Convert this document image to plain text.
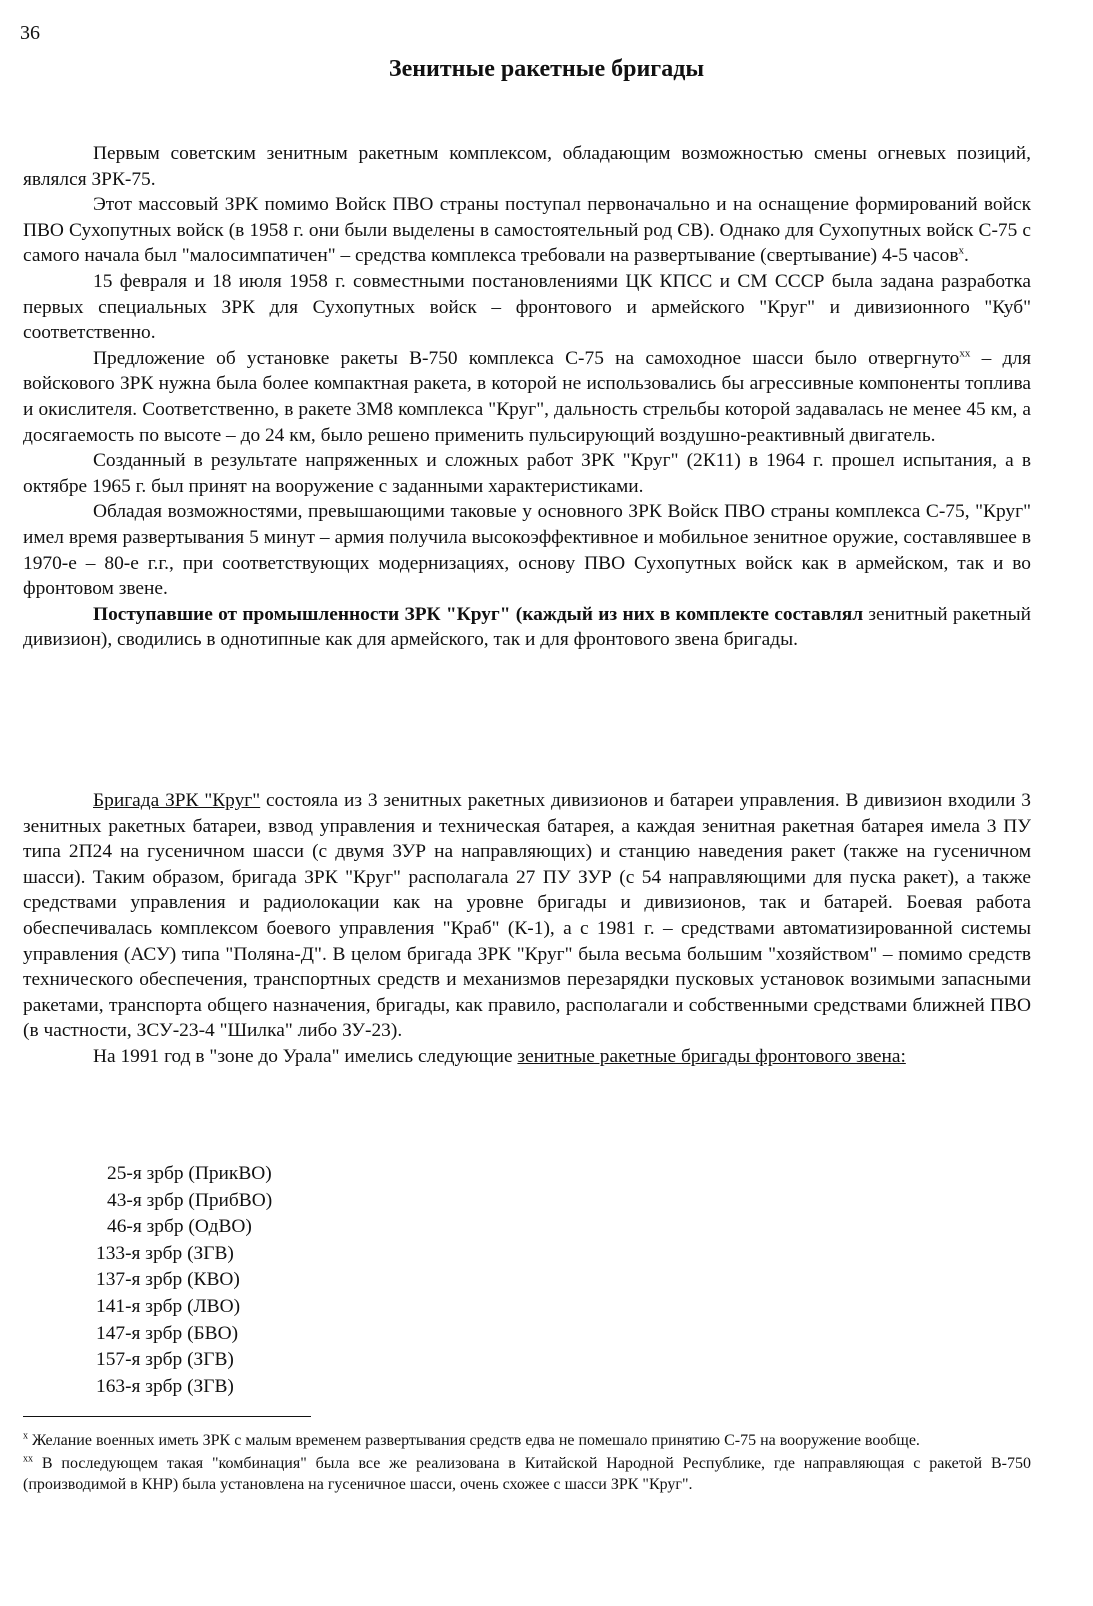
36
Зенитные ракетные бригады

Первым советским зенитным ракетным комплексом, обладающим возможностью смены огневых позиций, являлся ЗРК-75.

Этот массовый ЗРК помимо Войск ПВО страны поступал первоначально и на оснащение формирований войск ПВО Сухопутных войск (в 1958 г. они были выделены в самостоятельный род СВ). Однако для Сухопутных войск С-75 с самого начала был "малосимпатичен" – средства комплекса требовали на развертывание (свертывание) 4-5 часов$^x$.

15 февраля и 18 июля 1958 г. совместными постановлениями ЦК КПСС и СМ СССР была задана разработка первых специальных ЗРК для Сухопутных войск – фронтового и армейского "Круг" и дивизионного "Куб" соответственно.

Предложение об установке ракеты В-750 комплекса С-75 на самоходное шасси было отвергнуто$^{xx}$ – для войскового ЗРК нужна была более компактная ракета, в которой не использовались бы агрессивные компоненты топлива и окислителя. Соответственно, в ракете 3М8 комплекса "Круг", дальность стрельбы которой задавалась не менее 45 км, а досягаемость по высоте – до 24 км, было решено применить пульсирующий воздушно-реактивный двигатель.

Созданный в результате напряженных и сложных работ ЗРК "Круг" (2К11) в 1964 г. прошел испытания, а в октябре 1965 г. был принят на вооружение с заданными характеристиками.

Обладая возможностями, превышающими таковые у основного ЗРК Войск ПВО страны комплекса С-75, "Круг" имел время развертывания 5 минут – армия получила высокоэффективное и мобильное зенитное оружие, составлявшее в 1970-е – 80-е г.г., при соответствующих модернизациях, основу ПВО Сухопутных войск как в армейском, так и во фронтовом звене.

Поступавшие от промышленности ЗРК "Круг" (каждый из них в комплекте составлял зенитный ракетный дивизион), сводились в однотипные как для армейского, так и для фронтового звена бригады.

Бригада ЗРК "Круг" состояла из 3 зенитных ракетных дивизионов и батареи управления. В дивизион входили 3 зенитных ракетных батареи, взвод управления и техническая батарея, а каждая зенитная ракетная батарея имела 3 ПУ типа 2П24 на гусеничном шасси (с двумя ЗУР на направляющих) и станцию наведения ракет (также на гусеничном шасси). Таким образом, бригада ЗРК "Круг" располагала 27 ПУ ЗУР (с 54 направляющими для пуска ракет), а также средствами управления и радиолокации как на уровне бригады и дивизионов, так и батарей. Боевая работа обеспечивалась комплексом боевого управления "Краб" (К-1), а с 1981 г. – средствами автоматизированной системы управления (АСУ) типа "Поляна-Д". В целом бригада ЗРК "Круг" была весьма большим "хозяйством" – помимо средств технического обеспечения, транспортных средств и механизмов перезарядки пусковых установок возимыми запасными ракетами, транспорта общего назначения, бригады, как правило, располагали и собственными средствами ближней ПВО (в частности, ЗСУ-23-4 "Шилка" либо ЗУ-23).

На 1991 год в "зоне до Урала" имелись следующие зенитные ракетные бригады фронтового звена:

25-я зрбр (ПрикВО)
43-я зрбр (ПрибВО)
46-я зрбр (ОдВО)
133-я зрбр (ЗГВ)
137-я зрбр (КВО)
141-я зрбр (ЛВО)
147-я зрбр (БВО)
157-я зрбр (ЗГВ)
163-я зрбр (ЗГВ)

$^x$ Желание военных иметь ЗРК с малым временем развертывания средств едва не помешало принятию С-75 на вооружение вообще.

$^{xx}$ В последующем такая "комбинация" была все же реализована в Китайской Народной Республике, где направляющая с ракетой В-750 (производимой в КНР) была установлена на гусеничное шасси, очень схожее с шасси ЗРК "Круг".
